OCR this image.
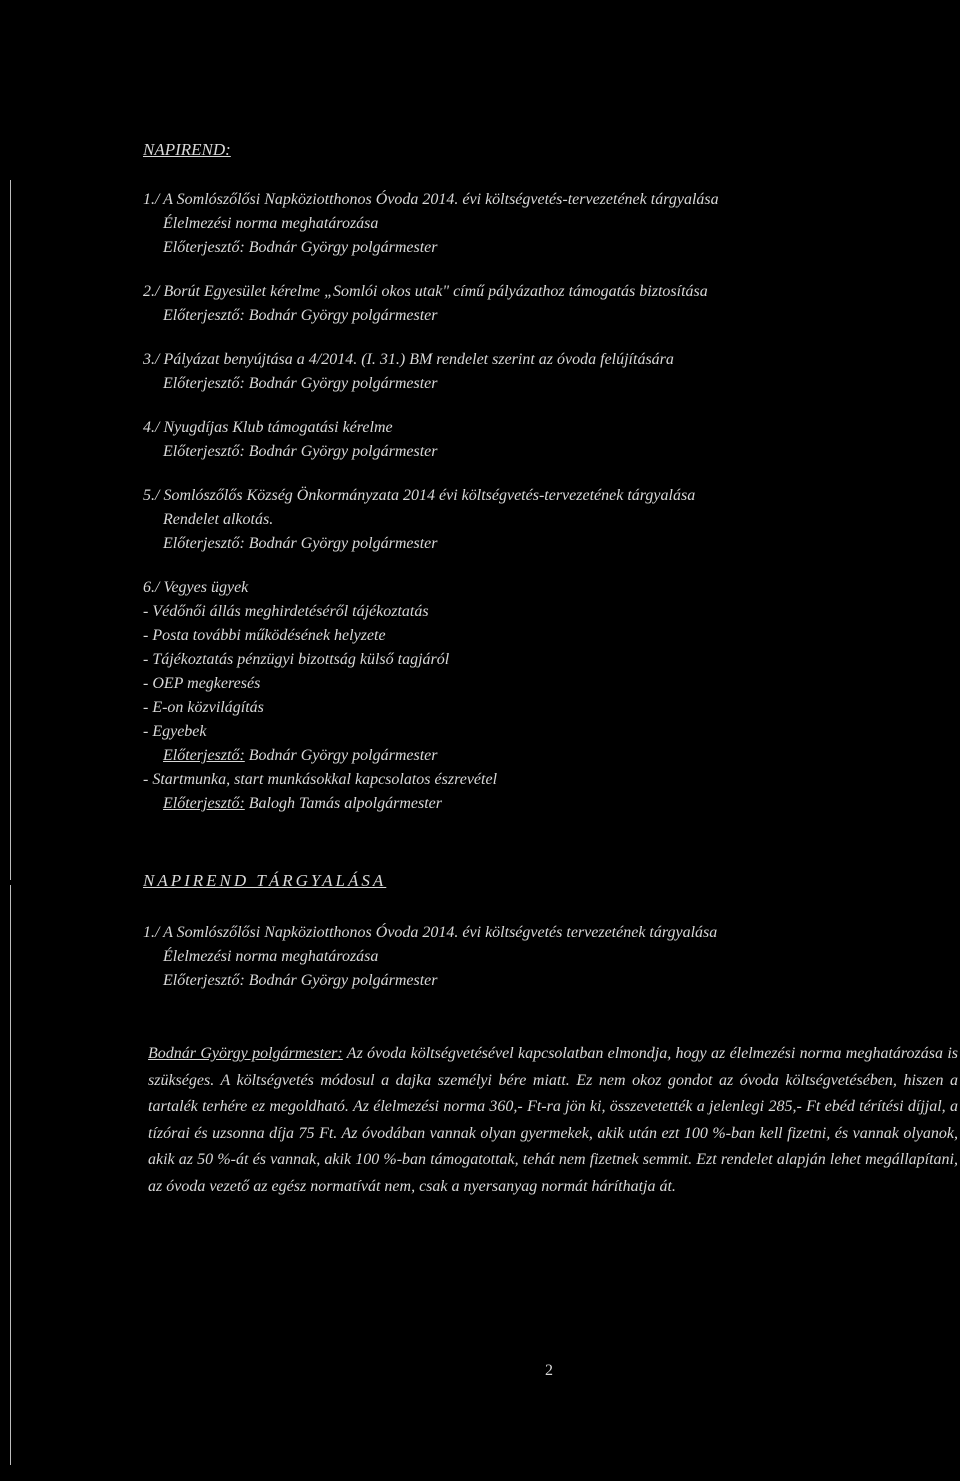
NAPIREND:
1./ A Somlószőlősi Napköziotthonos Óvoda 2014. évi költségvetés-tervezetének tárgyalása
Élelmezési norma meghatározása
Előterjesztő: Bodnár György polgármester
2./ Borút Egyesület kérelme „Somlói okos utak" című pályázathoz támogatás biztosítása
Előterjesztő: Bodnár György polgármester
3./ Pályázat benyújtása a 4/2014. (I. 31.) BM rendelet szerint az óvoda felújítására
Előterjesztő: Bodnár György polgármester
4./ Nyugdíjas Klub támogatási kérelme
Előterjesztő: Bodnár György polgármester
5./ Somlószőlős Község Önkormányzata 2014 évi költségvetés-tervezetének tárgyalása
Rendelet alkotás.
Előterjesztő: Bodnár György polgármester
6./ Vegyes ügyek
- Védőnői állás meghirdetéséről tájékoztatás
- Posta további működésének helyzete
- Tájékoztatás pénzügyi bizottság külső tagjáról
- OEP megkeresés
- E-on közvilágítás
- Egyebek
Előterjesztő: Bodnár György polgármester
- Startmunka, start munkásokkal kapcsolatos észrevétel
Előterjesztő: Balogh Tamás alpolgármester
NAPIREND TÁRGYALÁSA
1./ A Somlószőlősi Napköziotthonos Óvoda 2014. évi költségvetés tervezetének tárgyalása
Élelmezési norma meghatározása
Előterjesztő: Bodnár György polgármester
Bodnár György polgármester: Az óvoda költségvetésével kapcsolatban elmondja, hogy az élelmezési norma meghatározása is szükséges. A költségvetés módosul a dajka személyi bére miatt. Ez nem okoz gondot az óvoda költségvetésében, hiszen a tartalék terhére ez megoldható. Az élelmezési norma 360,- Ft-ra jön ki, összevetették a jelenlegi 285,- Ft ebéd térítési díjjal, a tízórai és uzsonna díja 75 Ft. Az óvodában vannak olyan gyermekek, akik után ezt 100 %-ban kell fizetni, és vannak olyanok, akik az 50 %-át és vannak, akik 100 %-ban támogatottak, tehát nem fizetnek semmit. Ezt rendelet alapján lehet megállapítani, az óvoda vezető az egész normatívát nem, csak a nyersanyag normát háríthatja át.
2
